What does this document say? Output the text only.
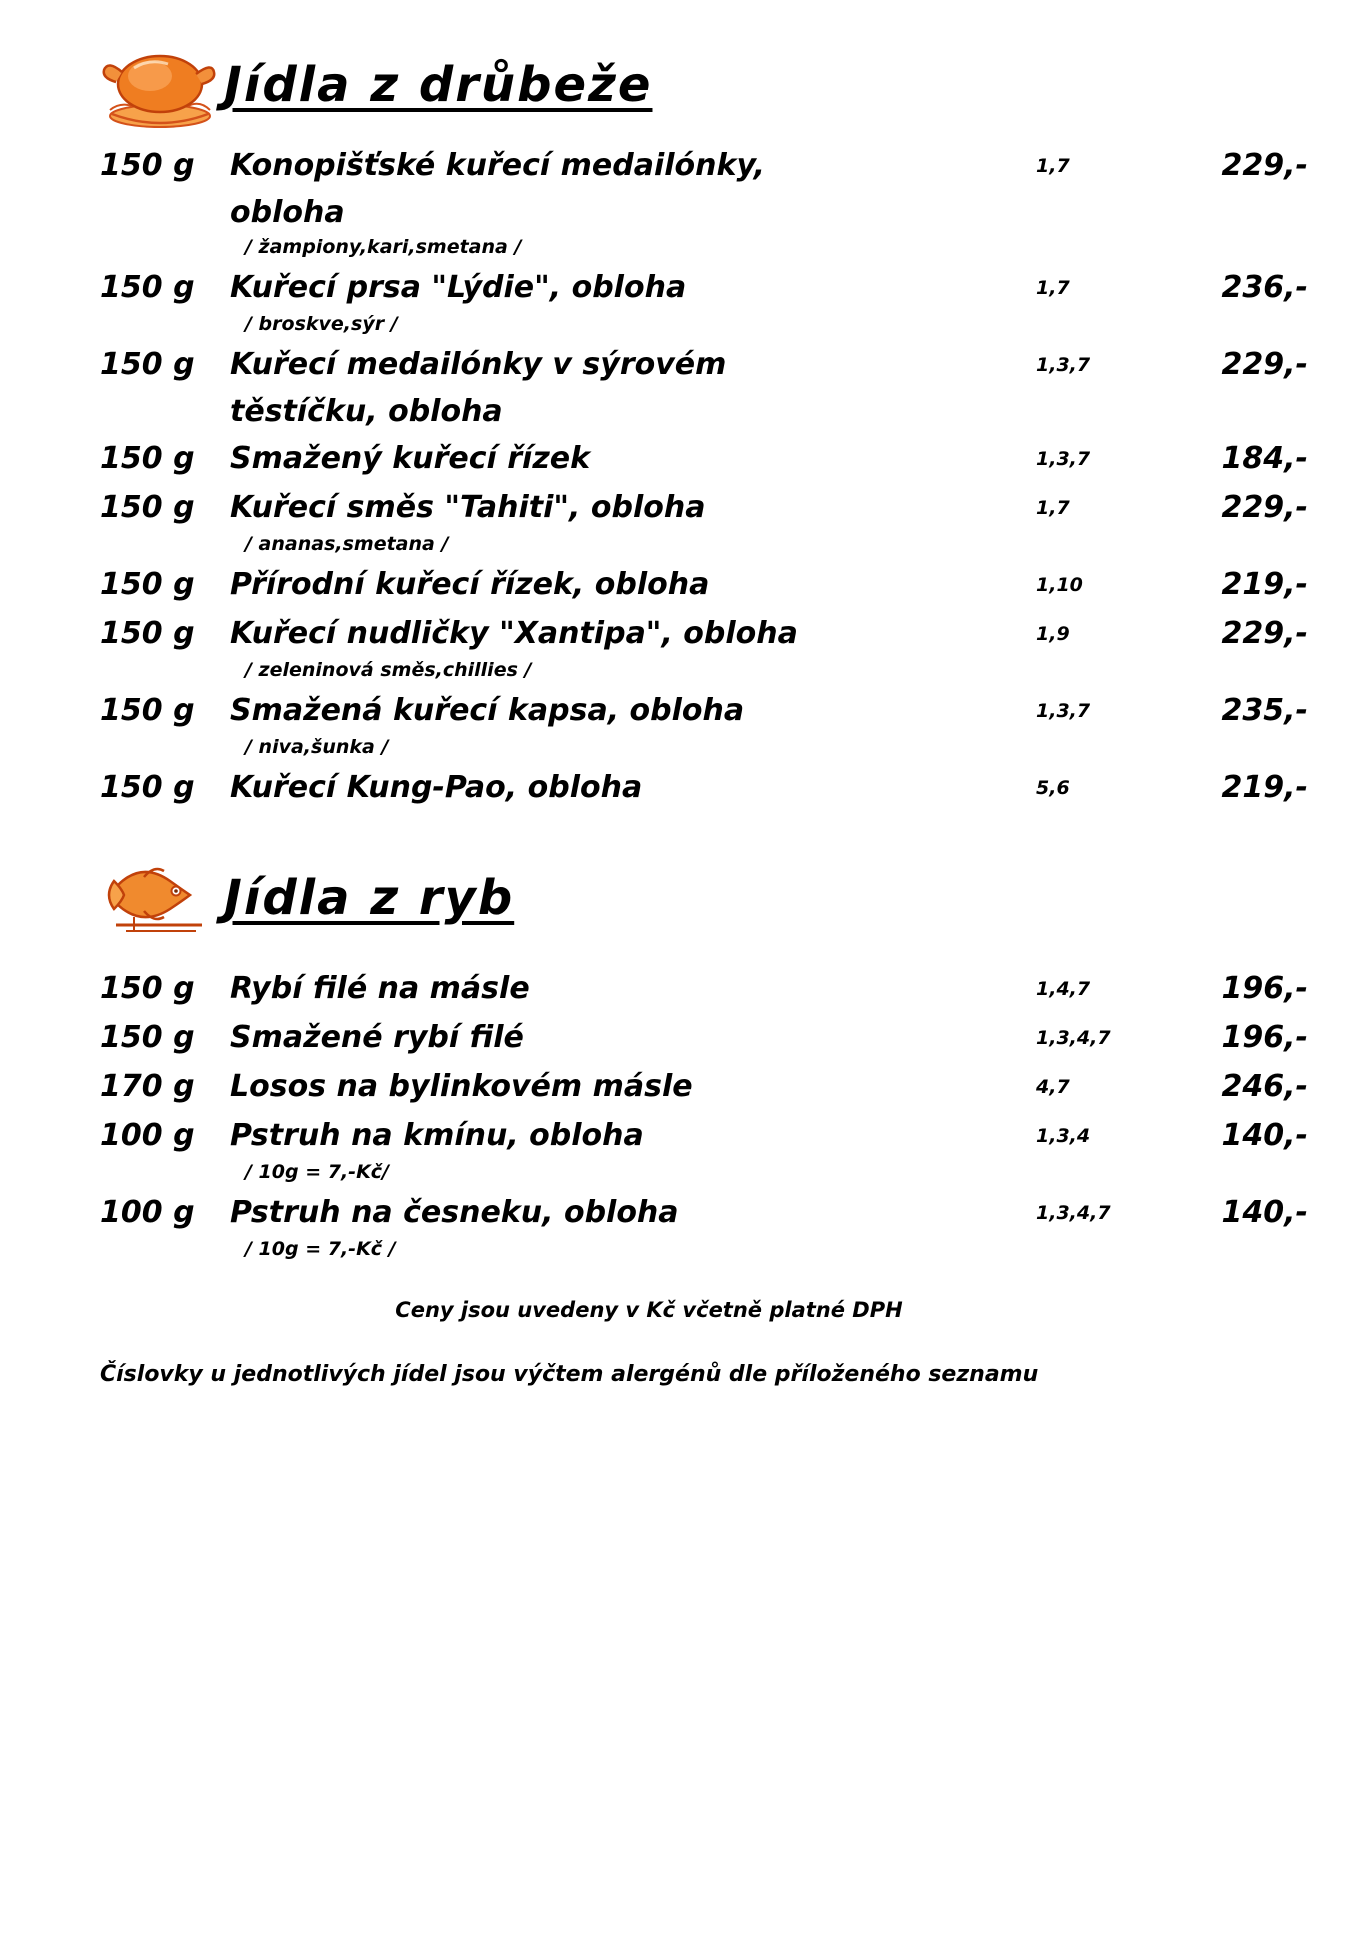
Jídla z drůbeže
150 g	Konopišťské kuřecí medailónky,
obloha
1,7	229,-
/ žampiony,kari,smetana /
150 g	Kuřecí prsa "Lýdie", obloha	1,7	236,-
/ broskve,sýr /
150 g	Kuřecí medailónky v sýrovém
těstíčku, obloha
1,3,7	229,-
150 g	Smažený kuřecí řízek	1,3,7	184,-
150 g	Kuřecí směs "Tahiti", obloha	1,7	229,-
/ ananas,smetana /
150 g	Přírodní kuřecí řízek, obloha	1,10	219,-
150 g	Kuřecí nudličky "Xantipa", obloha	1,9	229,-
/ zeleninová směs,chillies /
150 g	Smažená kuřecí kapsa, obloha	1,3,7	235,-
/ niva,šunka /
150 g	Kuřecí Kung-Pao, obloha	5,6	219,-
Jídla z ryb
150 g	Rybí filé na másle	1,4,7	196,-
150 g	Smažené rybí filé	1,3,4,7	196,-
170 g	Losos na bylinkovém másle	4,7	246,-
100 g	Pstruh na kmínu, obloha	1,3,4	140,-
/ 10g = 7,-Kč/
100 g	Pstruh na česneku, obloha	1,3,4,7	140,-
/ 10g = 7,-Kč /
Ceny jsou uvedeny v Kč včetně platné DPH
Číslovky u jednotlivých jídel jsou výčtem alergénů dle příloženého seznamu
